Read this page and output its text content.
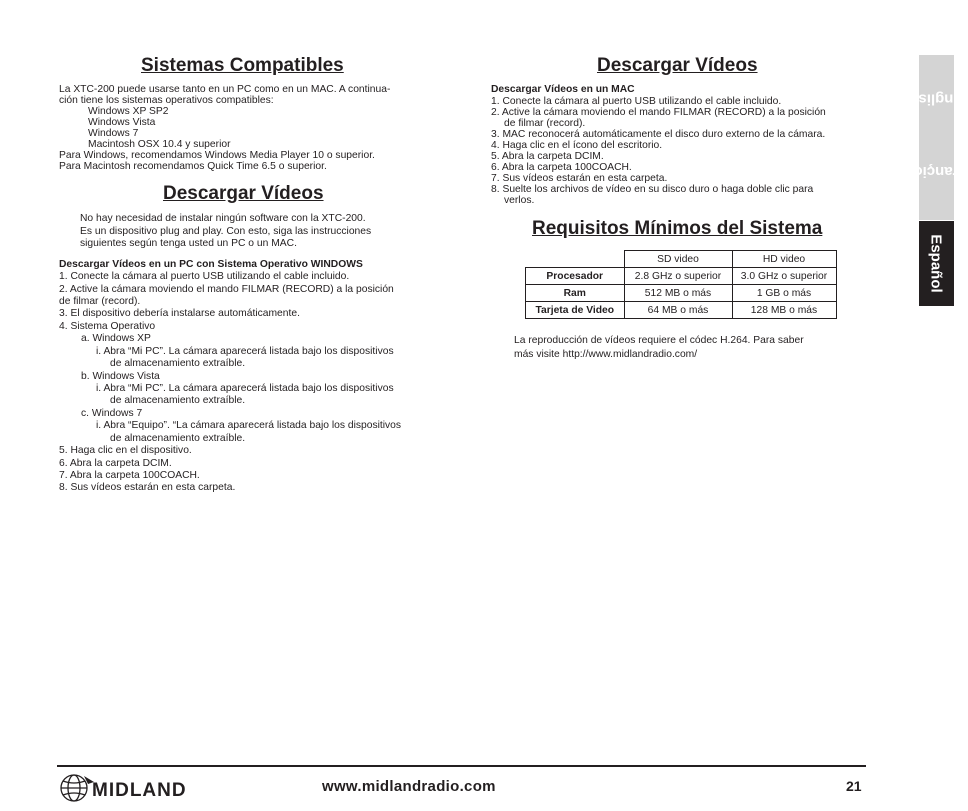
Sistemas Compatibles
La XTC-200 puede usarse tanto en un PC como en un MAC. A continua-
ción tiene los sistemas operativos compatibles:
Windows XP SP2
Windows Vista
Windows 7
Macintosh OSX 10.4 y superior
Para Windows, recomendamos Windows Media Player 10 o superior.
Para Macintosh recomendamos Quick Time 6.5 o superior.
Descargar Vídeos
No hay necesidad de instalar ningún software con la XTC-200.
Es un dispositivo plug and play. Con esto, siga las instrucciones
siguientes según tenga usted un PC o un MAC.
Descargar Vídeos en un PC con Sistema Operativo WINDOWS
1. Conecte la cámara al puerto USB utilizando el cable incluido.
2. Active la cámara moviendo el mando FILMAR (RECORD) a la posición
de filmar (record).
3. El dispositivo debería instalarse automáticamente.
4. Sistema Operativo
a. Windows XP
i. Abra “Mi PC”. La cámara aparecerá listada bajo los dispositivos
de almacenamiento extraíble.
b. Windows Vista
i. Abra “Mi PC”. La cámara aparecerá listada bajo los dispositivos
de almacenamiento extraíble.
c. Windows 7
i. Abra “Equipo”. “La cámara aparecerá listada bajo los dispositivos
de almacenamiento extraíble.
5. Haga clic en el dispositivo.
6. Abra la carpeta DCIM.
7. Abra la carpeta 100COACH.
8. Sus vídeos estarán en esta carpeta.
Descargar Vídeos
Descargar Vídeos en un MAC
1. Conecte la cámara al puerto USB utilizando el cable incluido.
2. Active la cámara moviendo el mando FILMAR (RECORD) a la posición
de filmar (record).
3. MAC reconocerá automáticamente el disco duro externo de la cámara.
4. Haga clic en el ícono del escritorio.
5. Abra la carpeta DCIM.
6. Abra la carpeta 100COACH.
7. Sus vídeos estarán en esta carpeta.
8. Suelte los archivos de vídeo en su disco duro o haga doble clic para
verlos.
Requisitos Mínimos del Sistema
	SD video	HD video
Procesador	2.8 GHz o superior	3.0 GHz o superior
Ram	512 MB o más	1 GB o más
Tarjeta de Video	64 MB o más	128 MB o más
La reproducción de vídeos requiere el códec H.264. Para saber
más visite http://www.midlandradio.com/
EnglishFrançios
Español
MIDLAND	www.midlandradio.com	21
